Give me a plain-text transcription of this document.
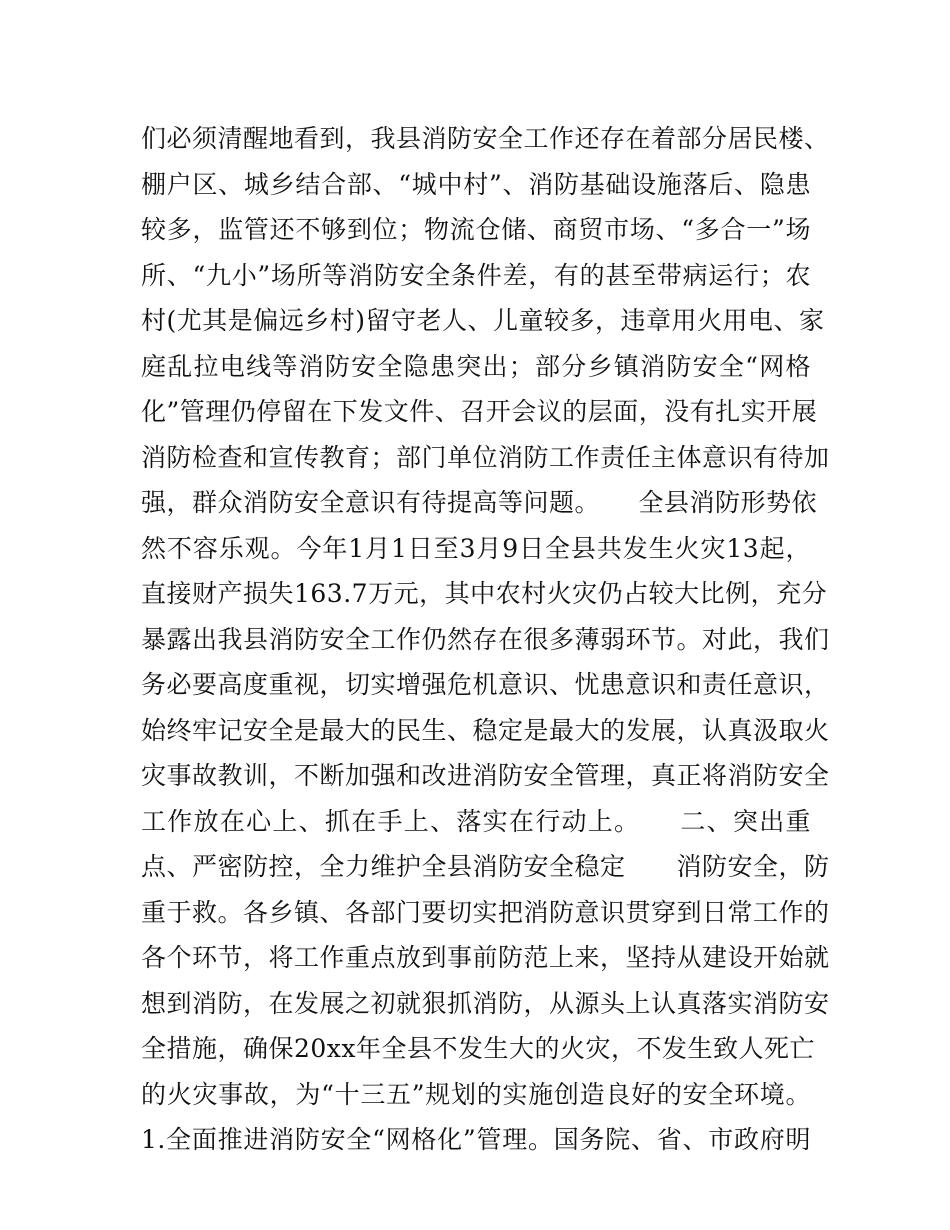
们必须清醒地看到，我县消防安全工作还存在着部分居民楼、
棚户区、城乡结合部、“城中村”、消防基础设施落后、隐患
较多，监管还不够到位；物流仓储、商贸市场、“多合一”场
所、“九小”场所等消防安全条件差，有的甚至带病运行；农
村(尤其是偏远乡村)留守老人、儿童较多，违章用火用电、家
庭乱拉电线等消防安全隐患突出；部分乡镇消防安全“网格
化”管理仍停留在下发文件、召开会议的层面，没有扎实开展
消防检查和宣传教育；部门单位消防工作责任主体意识有待加
强，群众消防安全意识有待提高等问题。　　全县消防形势依
然不容乐观。今年1月1日至3月9日全县共发生火灾13起，
直接财产损失163.7万元，其中农村火灾仍占较大比例，充分
暴露出我县消防安全工作仍然存在很多薄弱环节。对此，我们
务必要高度重视，切实增强危机意识、忧患意识和责任意识，
始终牢记安全是最大的民生、稳定是最大的发展，认真汲取火
灾事故教训，不断加强和改进消防安全管理，真正将消防安全
工作放在心上、抓在手上、落实在行动上。　　二、突出重
点、严密防控，全力维护全县消防安全稳定　　消防安全，防
重于救。各乡镇、各部门要切实把消防意识贯穿到日常工作的
各个环节，将工作重点放到事前防范上来，坚持从建设开始就
想到消防，在发展之初就狠抓消防，从源头上认真落实消防安
全措施，确保20xx年全县不发生大的火灾，不发生致人死亡
的火灾事故，为“十三五”规划的实施创造良好的安全环境。
1.全面推进消防安全“网格化”管理。国务院、省、市政府明
